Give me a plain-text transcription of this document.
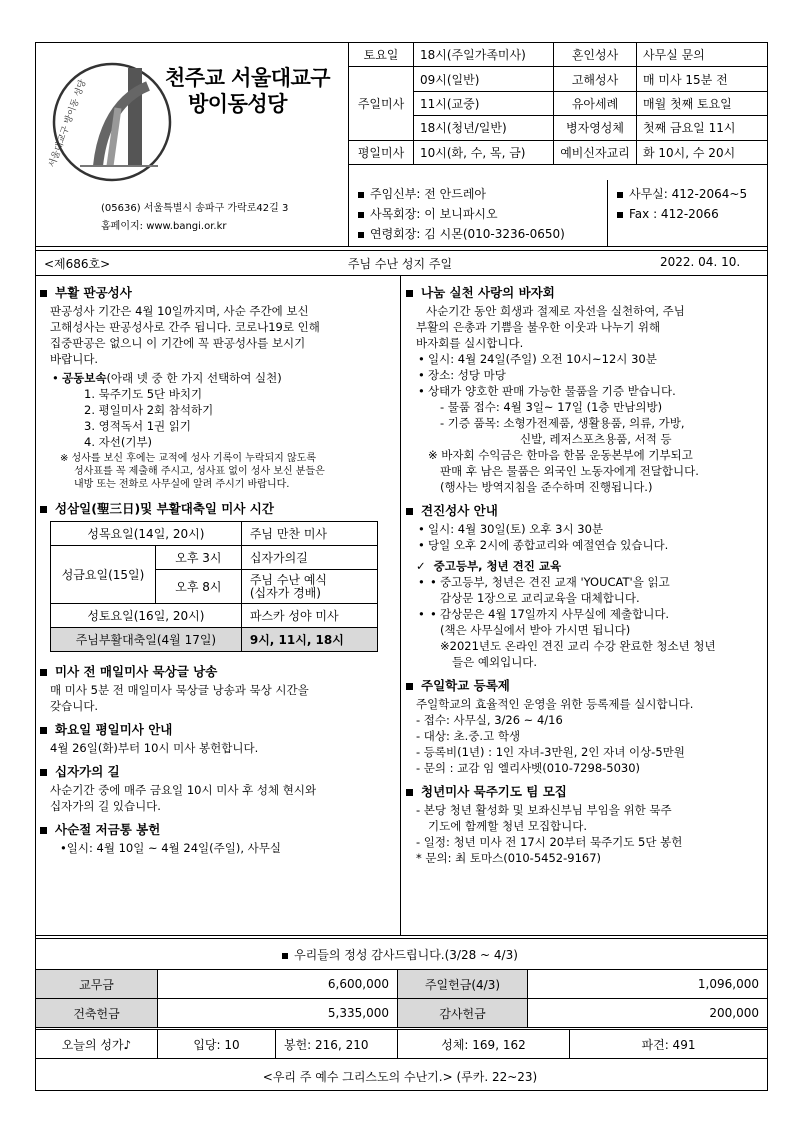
서울대교구 방이동 성당
천주교 서울대교구
방이동성당
(05636) 서울특별시 송파구 가락로42길 3
홈페이지: www.bangi.or.kr
토요일	18시(주일가족미사)	혼인성사	사무실 문의
주일미사	09시(일반)	고해성사	매 미사 15분 전
	11시(교중)	유아세례	매월 첫째 토요일
	18시(청년/일반)	병자영성체	첫째 금요일 11시
평일미사	10시(화, 수, 목, 금)	예비신자교리	화 10시, 수 20시
주임신부: 전 안드레아
사목회장: 이 보니파시오
연령회장: 김 시몬(010-3236-0650)
사무실: 412-2064~5
Fax : 412-2066
<제686호>	주님 수난 성지 주일	2022. 04. 10.
부활 판공성사
판공성사 기간은 4월 10일까지며, 사순 주간에 보신
고해성사는 판공성사로 간주 됩니다. 코로나19로 인해
집중판공은 없으니 이 기간에 꼭 판공성사를 보시기
바랍니다.
• 공동보속(아래 넷 중 한 가지 선택하여 실천)
1. 묵주기도 5단 바치기
2. 평일미사 2회 참석하기
3. 영적독서 1권 읽기
4. 자선(기부)
※ 성사를 보신 후에는 교적에 성사 기록이 누락되지 않도록
성사표를 꼭 제출해 주시고, 성사표 없이 성사 보신 분들은
내방 또는 전화로 사무실에 알려 주시기 바랍니다.
성삼일(聖三日)및 부활대축일 미사 시간
성목요일(14일, 20시)		주님 만찬 미사
성금요일(15일)	오후 3시	십자가의길
	오후 8시	주님 수난 예식
(십자가 경배)

성토요일(16일, 20시)		파스카 성야 미사
주님부활대축일(4월 17일)		9시, 11시, 18시
미사 전 매일미사 묵상글 낭송
매 미사 5분 전 매일미사 묵상글 낭송과 묵상 시간을
갖습니다.
화요일 평일미사 안내
4월 26일(화)부터 10시 미사 봉헌합니다.
십자가의 길
사순기간 중에 매주 금요일 10시 미사 후 성체 현시와
십자가의 길 있습니다.
사순절 저금통 봉헌
•일시: 4월 10일 ~ 4월 24일(주일), 사무실
나눔 실천 사랑의 바자회
사순기간 동안 희생과 절제로 자선을 실천하여, 주님
부활의 은총과 기쁨을 불우한 이웃과 나누기 위해
바자회를 실시합니다.
• 일시: 4월 24일(주일) 오전 10시~12시 30분
• 장소: 성당 마당
• 상태가 양호한 판매 가능한 물품을 기증 받습니다.
- 물품 접수: 4월 3일~ 17일 (1층 만남의방)
- 기증 품목: 소형가전제품, 생활용품, 의류, 가방,
신발, 레저스포츠용품, 서적 등
※ 바자회 수익금은 한마음 한몸 운동본부에 기부되고
판매 후 남은 물품은 외국인 노동자에게 전달합니다.
(행사는 방역지침을 준수하며 진행됩니다.)
견진성사 안내
• 일시: 4월 30일(토) 오후 3시 30분
• 당일 오후 2시에 종합교리와 예절연습 있습니다.
✓ 중고등부, 청년 견진 교육
• • 중고등부, 청년은 견진 교재 'YOUCAT'을 읽고
감상문 1장으로 교리교육을 대체합니다.
• • 감상문은 4월 17일까지 사무실에 제출합니다.
(책은 사무실에서 받아 가시면 됩니다)
※2021년도 온라인 견진 교리 수강 완료한 청소년 청년
들은 예외입니다.
주일학교 등록제
주일학교의 효율적인 운영을 위한 등록제를 실시합니다.
- 접수: 사무실, 3/26 ~ 4/16
- 대상: 초.중.고 학생
- 등록비(1년) : 1인 자녀-3만원, 2인 자녀 이상-5만원
- 문의 : 교감 임 엘리사벳(010-7298-5030)
청년미사 묵주기도 팀 모집
- 본당 청년 활성화 및 보좌신부님 부임을 위한 묵주
기도에 함께할 청년 모집합니다.
- 일정: 청년 미사 전 17시 20부터 묵주기도 5단 봉헌
* 문의: 최 토마스(010-5452-9167)
우리들의 정성 감사드립니다.(3/28 ~ 4/3)
교무금	6,600,000	주일헌금(4/3)	1,096,000
건축헌금	5,335,000	감사헌금	200,000
오늘의 성가♪	입당: 10	봉헌: 216, 210	성체: 169, 162	파견: 491
<우리 주 예수 그리스도의 수난기.> (루카. 22~23)
